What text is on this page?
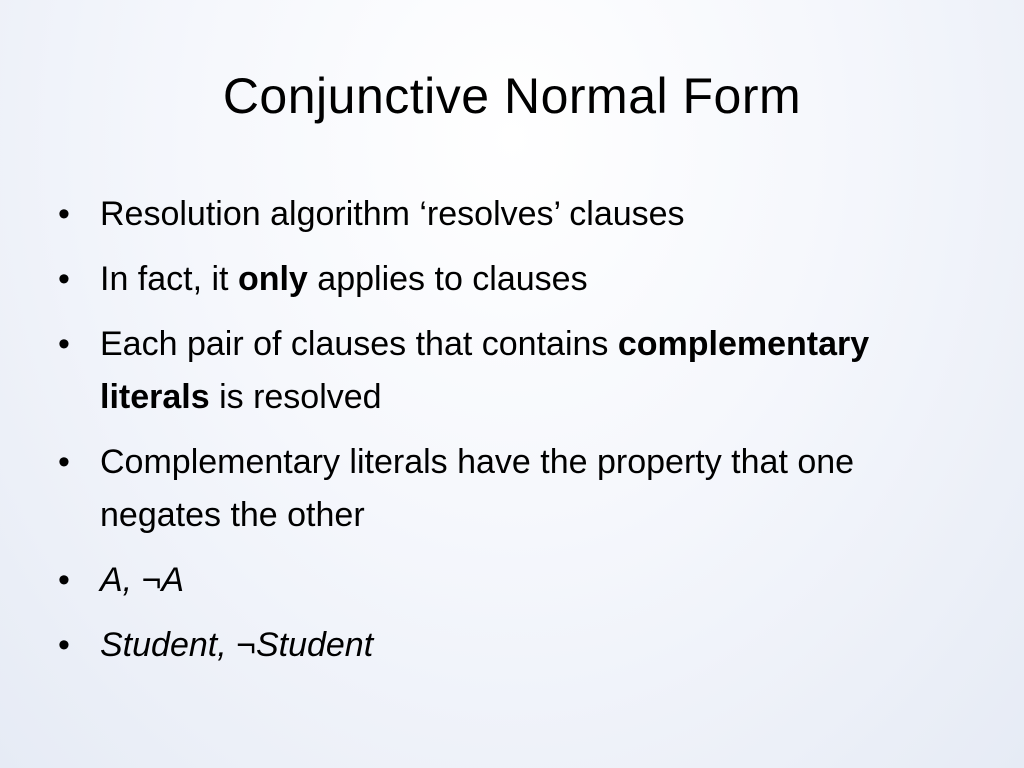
Conjunctive Normal Form
• Resolution algorithm ‘resolves’ clauses
• In fact, it only applies to clauses
• Each pair of clauses that contains complementary literals is resolved
• Complementary literals have the property that one negates the other
• A, ¬A
• Student, ¬Student
